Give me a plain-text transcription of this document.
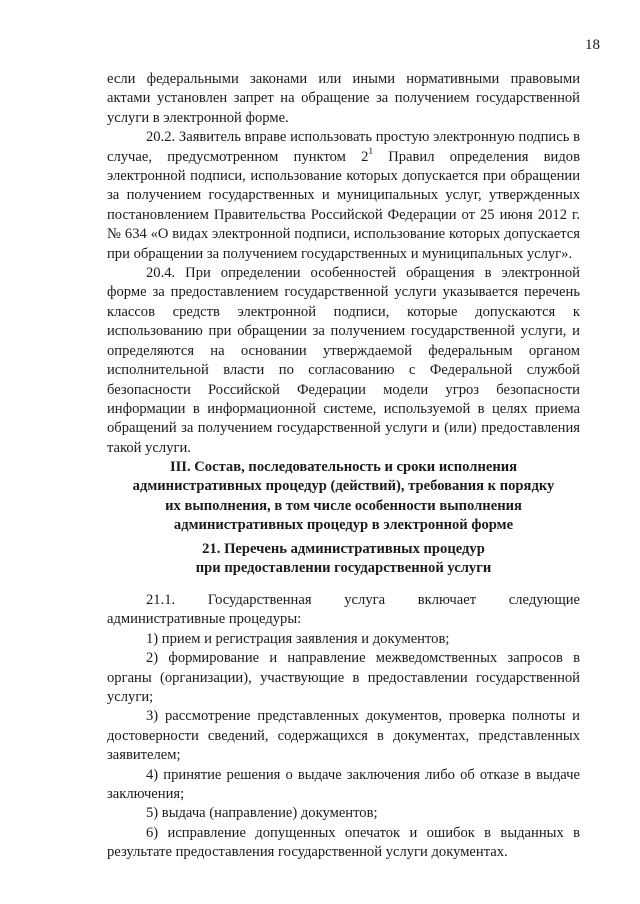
18

если федеральными законами или иными нормативными правовыми актами установлен запрет на обращение за получением государственной услуги в электронной форме.

20.2. Заявитель вправе использовать простую электронную подпись в случае, предусмотренном пунктом $2^1$ Правил определения видов электронной подписи, использование которых допускается при обращении за получением государственных и муниципальных услуг, утвержденных постановлением Правительства Российской Федерации от 25 июня 2012 г. № 634 «О видах электронной подписи, использование которых допускается при обращении за получением государственных и муниципальных услуг».

20.4. При определении особенностей обращения в электронной форме за предоставлением государственной услуги указывается перечень классов средств электронной подписи, которые допускаются к использованию при обращении за получением государственной услуги, и определяются на основании утверждаемой федеральным органом исполнительной власти по согласованию с Федеральной службой безопасности Российской Федерации модели угроз безопасности информации в информационной системе, используемой в целях приема обращений за получением государственной услуги и (или) предоставления такой услуги.

III. Состав, последовательность и сроки исполнения
административных процедур (действий), требования к порядку
их выполнения, в том числе особенности выполнения
административных процедур в электронной форме
21. Перечень административных процедур
при предоставлении государственной услуги

21.1. Государственная услуга включает следующие административные процедуры:

1) прием и регистрация заявления и документов;

2) формирование и направление межведомственных запросов в органы (организации), участвующие в предоставлении государственной услуги;

3) рассмотрение представленных документов, проверка полноты и достоверности сведений, содержащихся в документах, представленных заявителем;

4) принятие решения о выдаче заключения либо об отказе в выдаче заключения;

5) выдача (направление) документов;

6) исправление допущенных опечаток и ошибок в выданных в результате предоставления государственной услуги документах.
